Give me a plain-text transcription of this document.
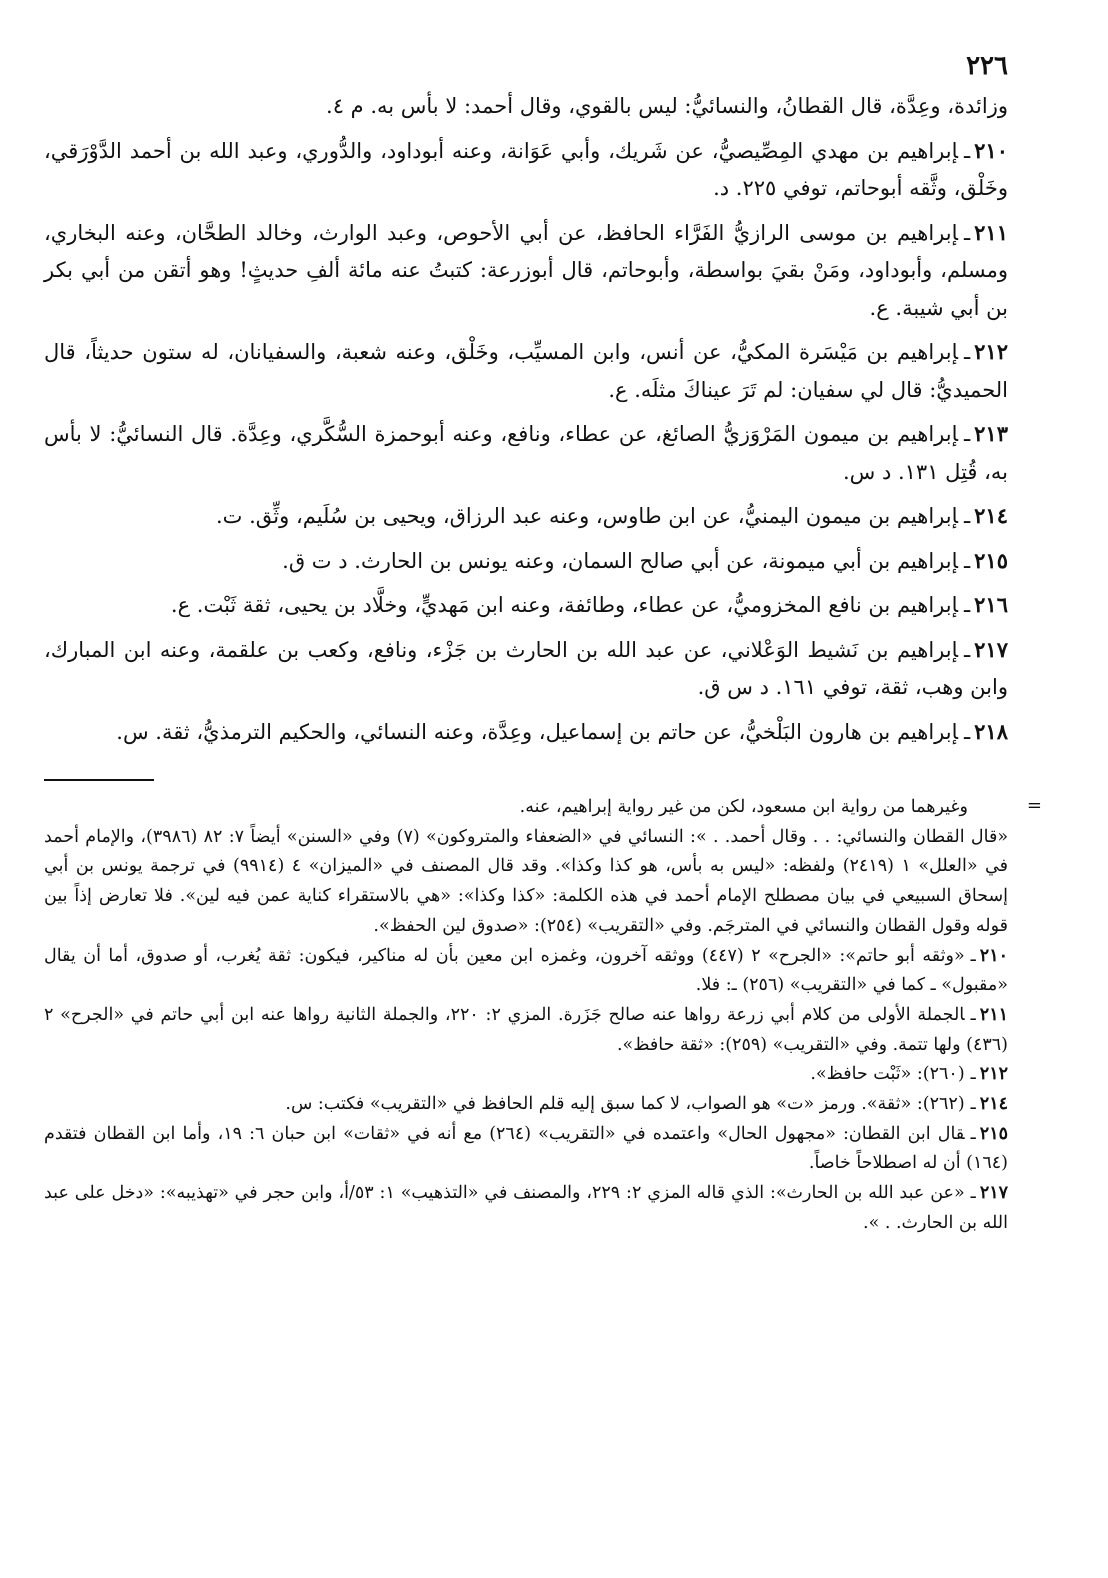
٢٢٦

وزائدة، وعِدَّة، قال القطانُ، والنسائيُّ: ليس بالقوي، وقال أحمد: لا بأس به. م ٤.

٢١٠ـإبراهيم بن مهدي المِصِّيصيُّ، عن شَريك، وأبي عَوَانة، وعنه أبوداود، والدُّوري، وعبد الله بن أحمد الدَّوْرَقي، وخَلْق، وثَّقه أبوحاتم، توفي ٢٢٥. د.

٢١١ـإبراهيم بن موسى الرازيُّ الفَرَّاء الحافظ، عن أبي الأحوص، وعبد الوارث، وخالد الطحَّان، وعنه البخاري، ومسلم، وأبوداود، ومَنْ بقيَ بواسطة، وأبوحاتم، قال أبوزرعة: كتبتُ عنه مائة ألفِ حديثٍ! وهو أتقن من أبي بكر بن أبي شيبة. ع.

٢١٢ـإبراهيم بن مَيْسَرة المكيُّ، عن أنس، وابن المسيِّب، وخَلْق، وعنه شعبة، والسفيانان، له ستون حديثاً، قال الحميديُّ: قال لي سفيان: لم تَرَ عيناكَ مثلَه. ع.

٢١٣ـإبراهيم بن ميمون المَرْوَزيُّ الصائغ، عن عطاء، ونافع، وعنه أبوحمزة السُّكَّري، وعِدَّة. قال النسائيُّ: لا بأس به، قُتِل ١٣١. د س.

٢١٤ـإبراهيم بن ميمون اليمنيُّ، عن ابن طاوس، وعنه عبد الرزاق، ويحيى بن سُلَيم، وثِّق. ت.

٢١٥ـإبراهيم بن أبي ميمونة، عن أبي صالح السمان، وعنه يونس بن الحارث. د ت ق.

٢١٦ـإبراهيم بن نافع المخزوميُّ، عن عطاء، وطائفة، وعنه ابن مَهديٍّ، وخلَّاد بن يحيى، ثقة ثَبْت. ع.

٢١٧ـإبراهيم بن نَشيط الوَعْلاني، عن عبد الله بن الحارث بن جَزْء، ونافع، وكعب بن علقمة، وعنه ابن المبارك، وابن وهب، ثقة، توفي ١٦١. د س ق.

٢١٨ـإبراهيم بن هارون البَلْخيُّ، عن حاتم بن إسماعيل، وعِدَّة، وعنه النسائي، والحكيم الترمذيُّ، ثقة. س.

=

وغيرهما من رواية ابن مسعود، لكن من غير رواية إبراهيم، عنه.

«قال القطان والنسائي: . . وقال أحمد. . »: النسائي في «الضعفاء والمتروكون» (٧) وفي «السنن» أيضاً ٧: ٨٢ (٣٩٨٦)، والإمام أحمد في «العلل» ١ (٢٤١٩) ولفظه: «ليس به بأس، هو كذا وكذا». وقد قال المصنف في «الميزان» ٤ (٩٩١٤) في ترجمة يونس بن أبي إسحاق السبيعي في بيان مصطلح الإمام أحمد في هذه الكلمة: «كذا وكذا»: «هي بالاستقراء كناية عمن فيه لين». فلا تعارض إذاً بين قوله وقول القطان والنسائي في المترجَم. وفي «التقريب» (٢٥٤): «صدوق لين الحفظ».

٢١٠ـ«وثقه أبو حاتم»: «الجرح» ٢ (٤٤٧) ووثقه آخرون، وغمزه ابن معين بأن له مناكير، فيكون: ثقة يُغرب، أو صدوق، أما أن يقال «مقبول» ـ كما في «التقريب» (٢٥٦) ـ: فلا.

٢١١ـالجملة الأولى من كلام أبي زرعة رواها عنه صالح جَزَرة. المزي ٢: ٢٢٠، والجملة الثانية رواها عنه ابن أبي حاتم في «الجرح» ٢ (٤٣٦) ولها تتمة. وفي «التقريب» (٢٥٩): «ثقة حافظ».

٢١٢ـ(٢٦٠): «ثَبْت حافظ».

٢١٤ـ(٢٦٢): «ثقة». ورمز «ت» هو الصواب، لا كما سبق إليه قلم الحافظ في «التقريب» فكتب: س.

٢١٥ـقال ابن القطان: «مجهول الحال» واعتمده في «التقريب» (٢٦٤) مع أنه في «ثقات» ابن حبان ٦: ١٩، وأما ابن القطان فتقدم (١٦٤) أن له اصطلاحاً خاصاً.

٢١٧ـ«عن عبد الله بن الحارث»: الذي قاله المزي ٢: ٢٢٩، والمصنف في «التذهيب» ١: ٥٣/أ، وابن حجر في «تهذيبه»: «دخل على عبد الله بن الحارث. . ».
